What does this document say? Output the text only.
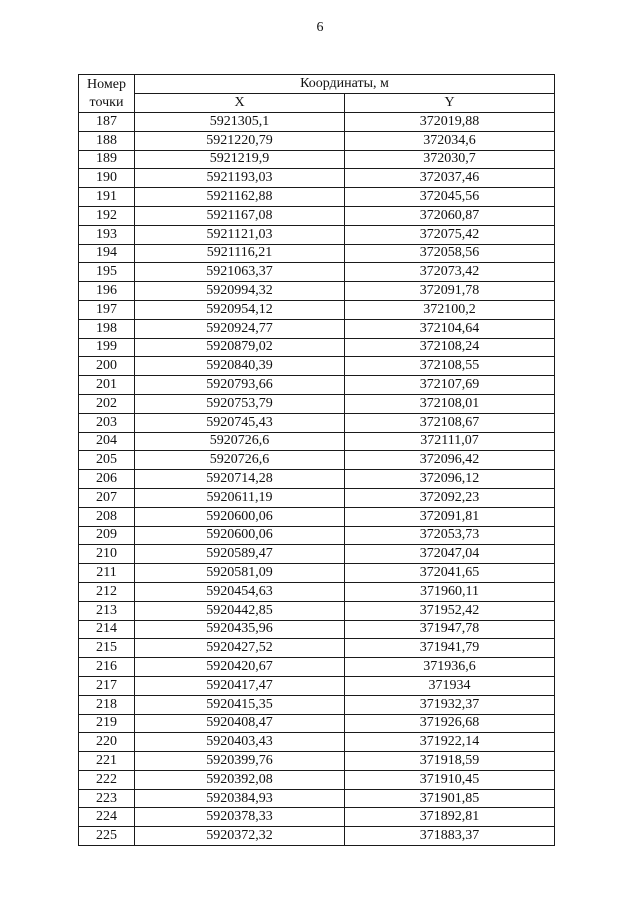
6
Номер
точки	Координаты, м	
	X	Y
187	5921305,1	372019,88
188	5921220,79	372034,6
189	5921219,9	372030,7
190	5921193,03	372037,46
191	5921162,88	372045,56
192	5921167,08	372060,87
193	5921121,03	372075,42
194	5921116,21	372058,56
195	5921063,37	372073,42
196	5920994,32	372091,78
197	5920954,12	372100,2
198	5920924,77	372104,64
199	5920879,02	372108,24
200	5920840,39	372108,55
201	5920793,66	372107,69
202	5920753,79	372108,01
203	5920745,43	372108,67
204	5920726,6	372111,07
205	5920726,6	372096,42
206	5920714,28	372096,12
207	5920611,19	372092,23
208	5920600,06	372091,81
209	5920600,06	372053,73
210	5920589,47	372047,04
211	5920581,09	372041,65
212	5920454,63	371960,11
213	5920442,85	371952,42
214	5920435,96	371947,78
215	5920427,52	371941,79
216	5920420,67	371936,6
217	5920417,47	371934
218	5920415,35	371932,37
219	5920408,47	371926,68
220	5920403,43	371922,14
221	5920399,76	371918,59
222	5920392,08	371910,45
223	5920384,93	371901,85
224	5920378,33	371892,81
225	5920372,32	371883,37
